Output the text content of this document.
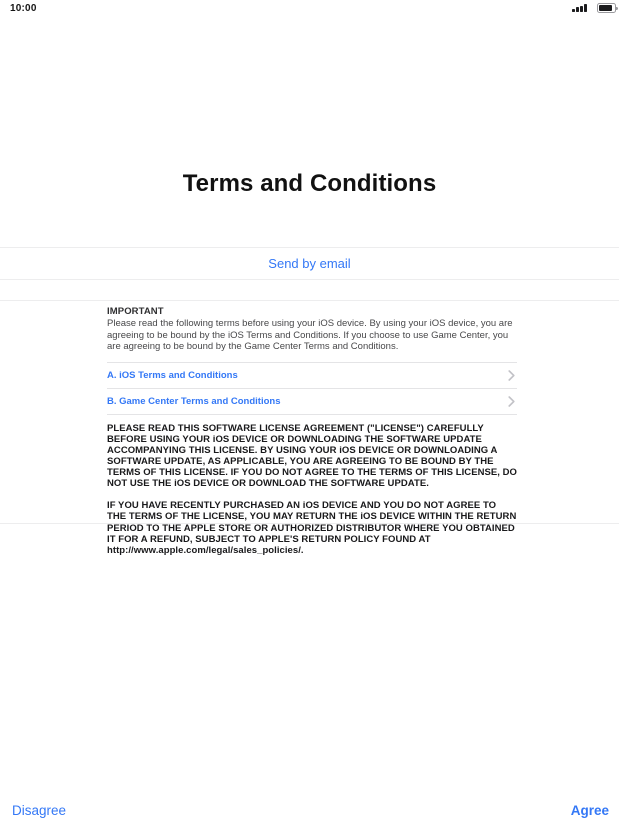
10:00
Terms and Conditions
Send by email
IMPORTANT
Please read the following terms before using your iOS device. By using your iOS device, you are agreeing to be bound by the iOS Terms and Conditions. If you choose to use Game Center, you are agreeing to be bound by the Game Center Terms and Conditions.
A. iOS Terms and Conditions
B. Game Center Terms and Conditions
PLEASE READ THIS SOFTWARE LICENSE AGREEMENT ("LICENSE") CAREFULLY BEFORE USING YOUR iOS DEVICE OR DOWNLOADING THE SOFTWARE UPDATE ACCOMPANYING THIS LICENSE. BY USING YOUR iOS DEVICE OR DOWNLOADING A SOFTWARE UPDATE, AS APPLICABLE, YOU ARE AGREEING TO BE BOUND BY THE TERMS OF THIS LICENSE. IF YOU DO NOT AGREE TO THE TERMS OF THIS LICENSE, DO NOT USE THE iOS DEVICE OR DOWNLOAD THE SOFTWARE UPDATE.
IF YOU HAVE RECENTLY PURCHASED AN iOS DEVICE AND YOU DO NOT AGREE TO THE TERMS OF THE LICENSE, YOU MAY RETURN THE iOS DEVICE WITHIN THE RETURN PERIOD TO THE APPLE STORE OR AUTHORIZED DISTRIBUTOR WHERE YOU OBTAINED IT FOR A REFUND, SUBJECT TO APPLE'S RETURN POLICY FOUND AT http://www.apple.com/legal/sales_policies/.
Disagree	Agree
